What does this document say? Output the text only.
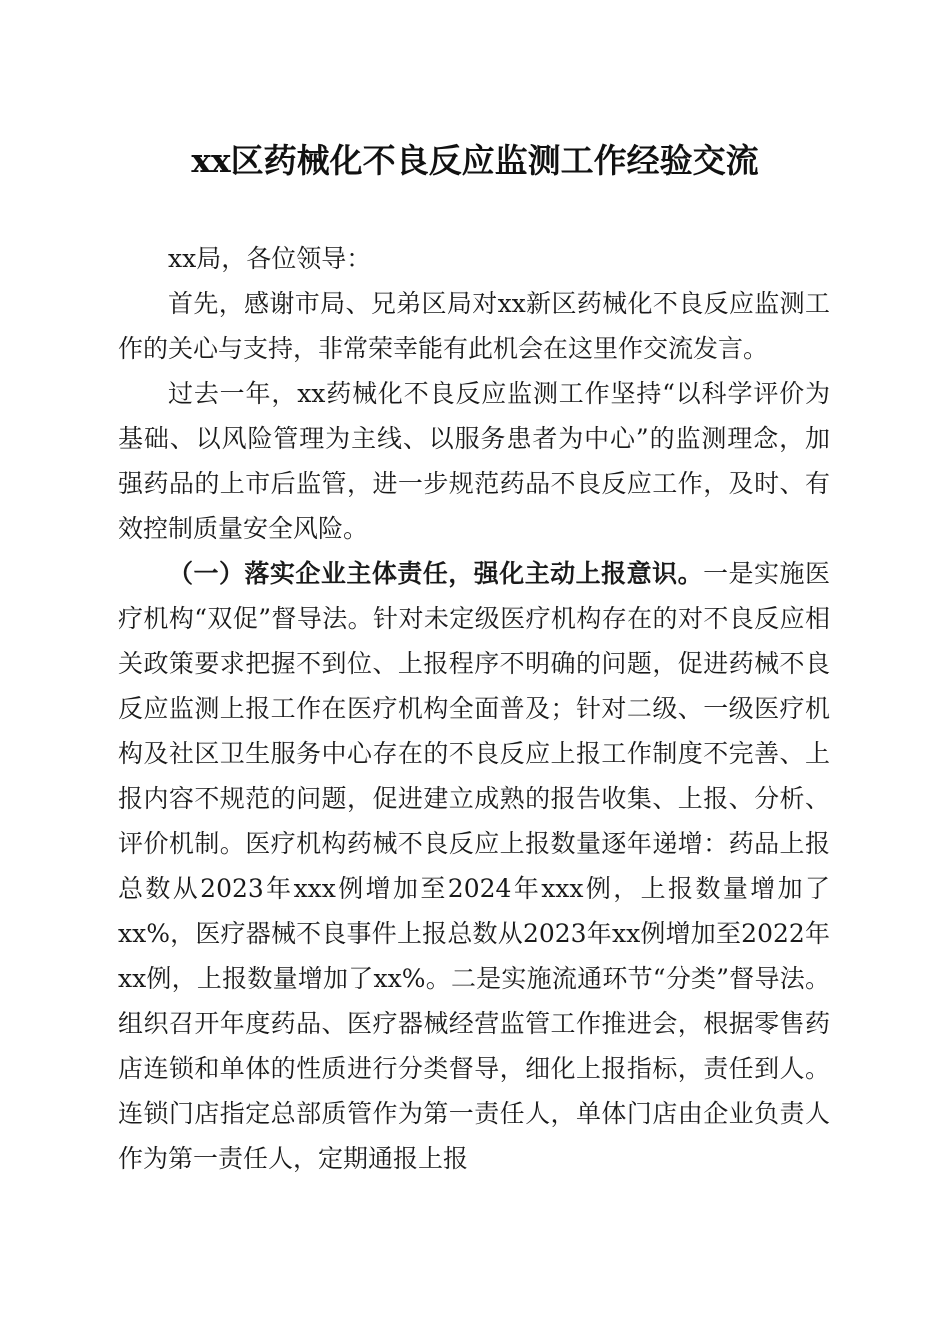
xx区药械化不良反应监测工作经验交流

xx局，各位领导：

首先，感谢市局、兄弟区局对xx新区药械化不良反应监测工作的关心与支持，非常荣幸能有此机会在这里作交流发言。

过去一年，xx药械化不良反应监测工作坚持“以科学评价为基础、以风险管理为主线、以服务患者为中心”的监测理念，加强药品的上市后监管，进一步规范药品不良反应工作，及时、有效控制质量安全风险。

（一）落实企业主体责任，强化主动上报意识。一是实施医疗机构“双促”督导法。针对未定级医疗机构存在的对不良反应相关政策要求把握不到位、上报程序不明确的问题，促进药械不良反应监测上报工作在医疗机构全面普及；针对二级、一级医疗机构及社区卫生服务中心存在的不良反应上报工作制度不完善、上报内容不规范的问题，促进建立成熟的报告收集、上报、分析、评价机制。医疗机构药械不良反应上报数量逐年递增：药品上报总数从2023年xxx例增加至2024年xxx例，上报数量增加了xx%，医疗器械不良事件上报总数从2023年xx例增加至2022年xx例，上报数量增加了xx%。二是实施流通环节“分类”督导法。组织召开年度药品、医疗器械经营监管工作推进会，根据零售药店连锁和单体的性质进行分类督导，细化上报指标，责任到人。连锁门店指定总部质管作为第一责任人，单体门店由企业负责人作为第一责任人，定期通报上报
